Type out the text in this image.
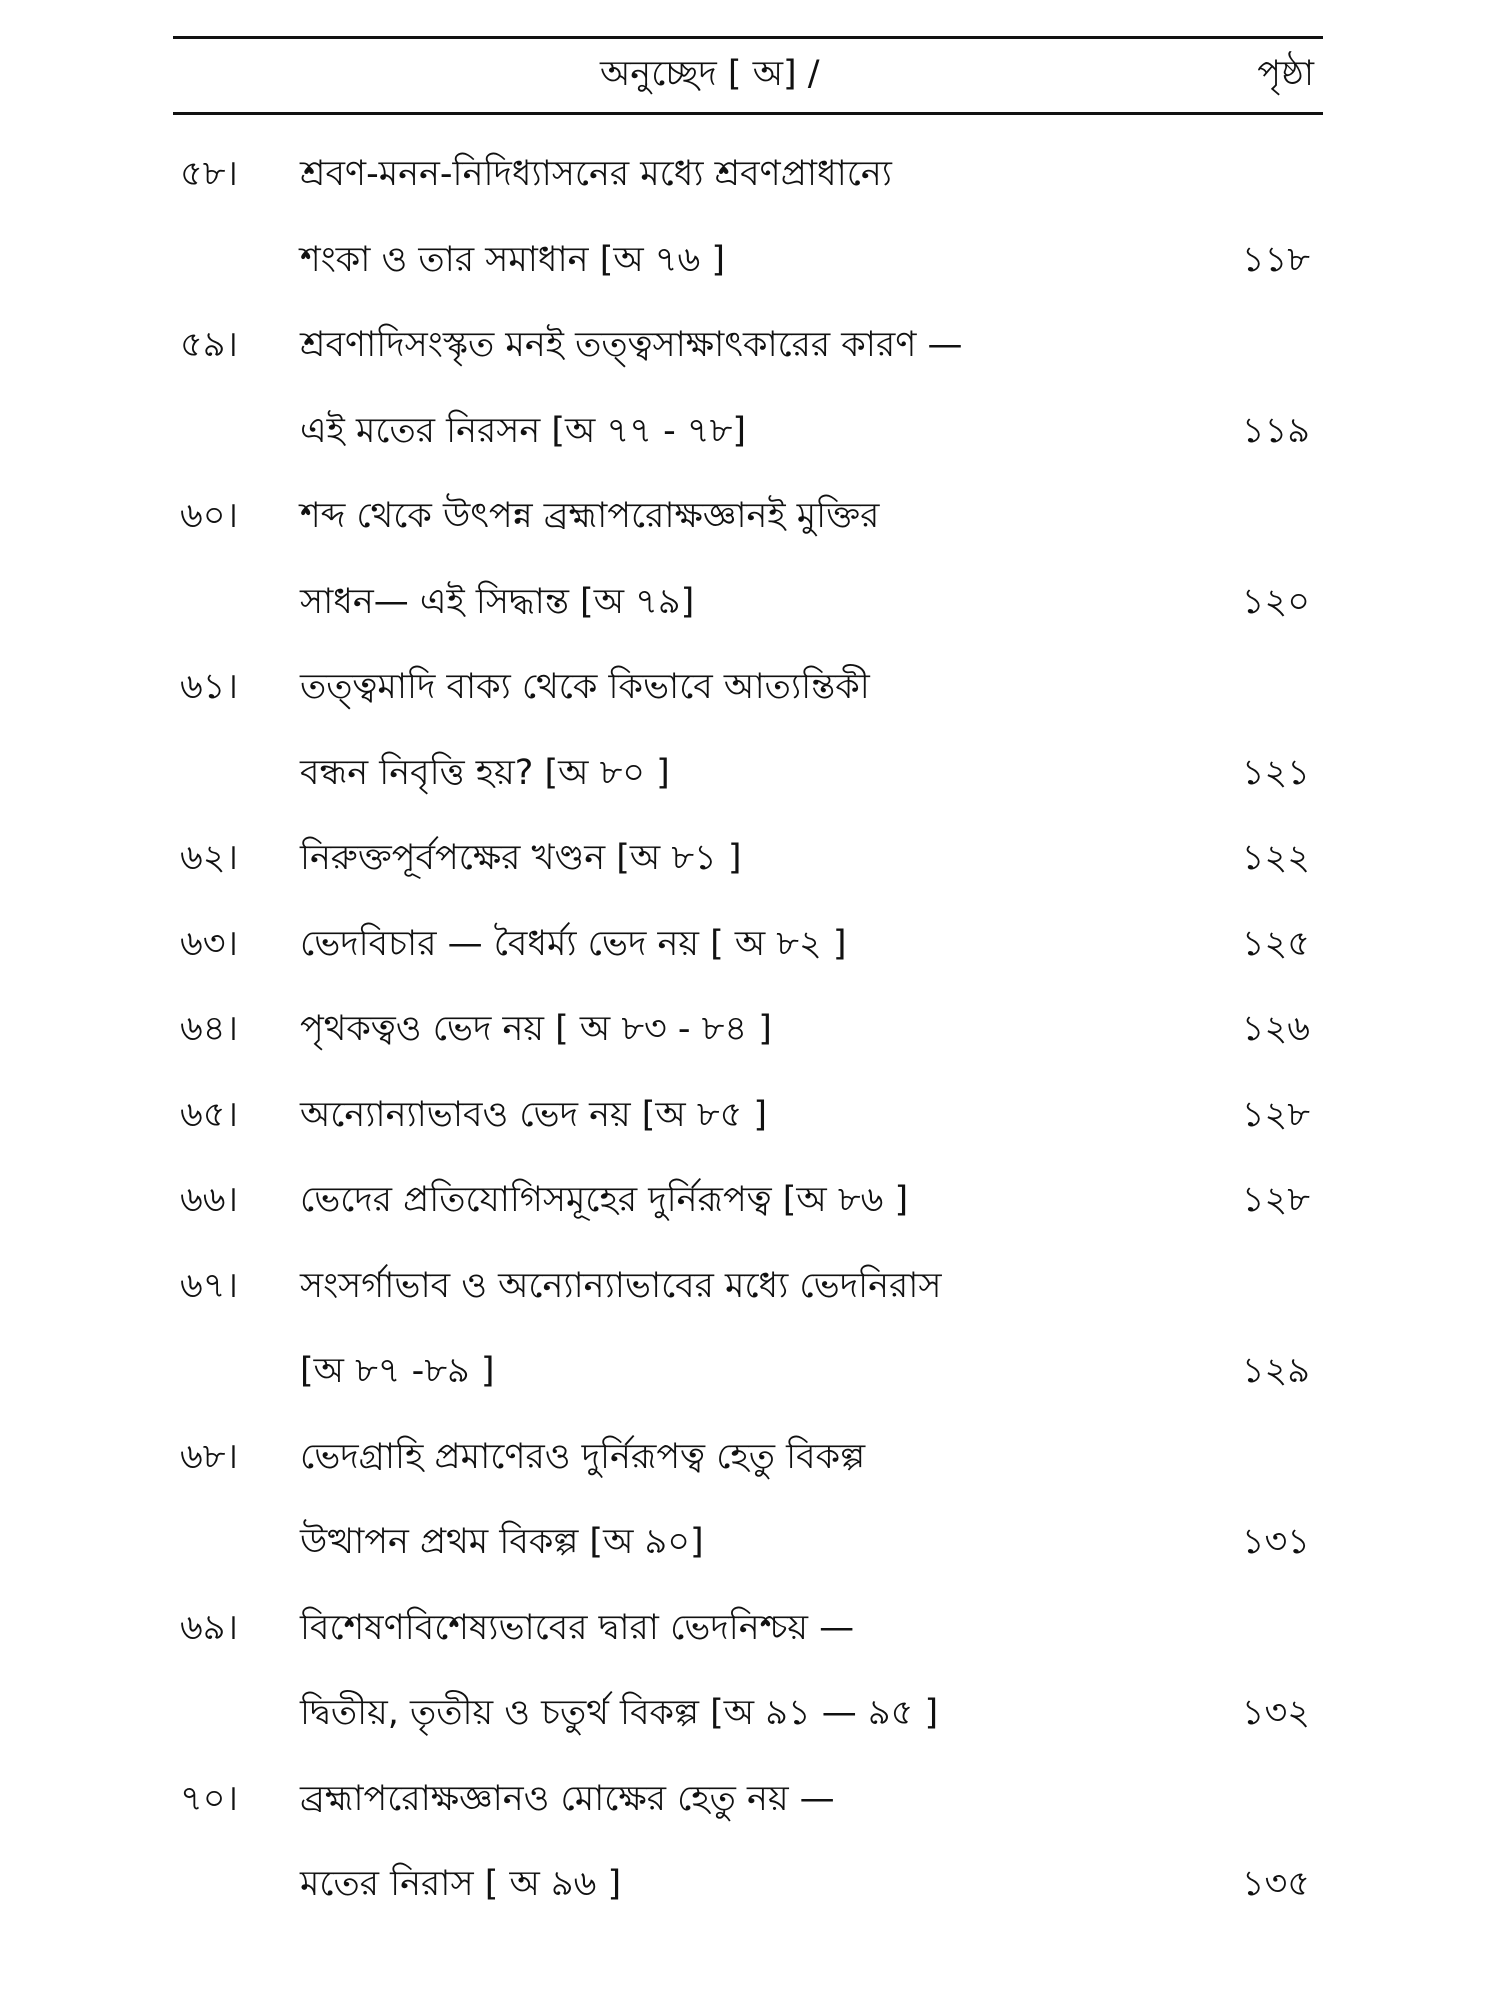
অনুচ্ছেদ [ অ] /	পৃষ্ঠা
৫৮।	শ্রবণ-মনন-নিদিধ্যাসনের মধ্যে শ্রবণপ্রাধান্যে
শংকা ও তার সমাধান [অ ৭৬ ]	১১৮
৫৯।	শ্রবণাদিসংস্কৃত মনই তত্ত্বসাক্ষাৎকারের কারণ —
এই মতের নিরসন [অ ৭৭ - ৭৮]	১১৯
৬০।	শব্দ থেকে উৎপন্ন ব্রহ্মাপরোক্ষজ্ঞানই মুক্তির
সাধন— এই সিদ্ধান্ত [অ ৭৯]	১২০
৬১।	তত্ত্বমাদি বাক্য থেকে কিভাবে আত্যন্তিকী
বন্ধন নিবৃত্তি হয়? [অ ৮০ ]	১২১
৬২।	নিরুক্তপূর্বপক্ষের খণ্ডন [অ ৮১ ]	১২২
৬৩।	ভেদবিচার — বৈধর্ম্য ভেদ নয় [ অ ৮২ ]	১২৫
৬৪।	পৃথকত্বও ভেদ নয় [ অ ৮৩ - ৮৪ ]	১২৬
৬৫।	অন্যোন্যাভাবও ভেদ নয় [অ ৮৫ ]	১২৮
৬৬।	ভেদের প্রতিযোগিসমূহের দুর্নিরূপত্ব [অ ৮৬ ]	১২৮
৬৭।	সংসর্গাভাব ও অন্যোন্যাভাবের মধ্যে ভেদনিরাস
[অ ৮৭ -৮৯ ]	১২৯
৬৮।	ভেদগ্রাহি প্রমাণেরও দুর্নিরূপত্ব হেতু বিকল্প
উত্থাপন প্রথম বিকল্প [অ ৯০]	১৩১
৬৯।	বিশেষণবিশেষ্যভাবের দ্বারা ভেদনিশ্চয় —
দ্বিতীয়, তৃতীয় ও চতুর্থ বিকল্প [অ ৯১ — ৯৫ ]	১৩২
৭০।	ব্রহ্মাপরোক্ষজ্ঞানও মোক্ষের হেতু নয় —
মতের নিরাস [ অ ৯৬ ]	১৩৫
